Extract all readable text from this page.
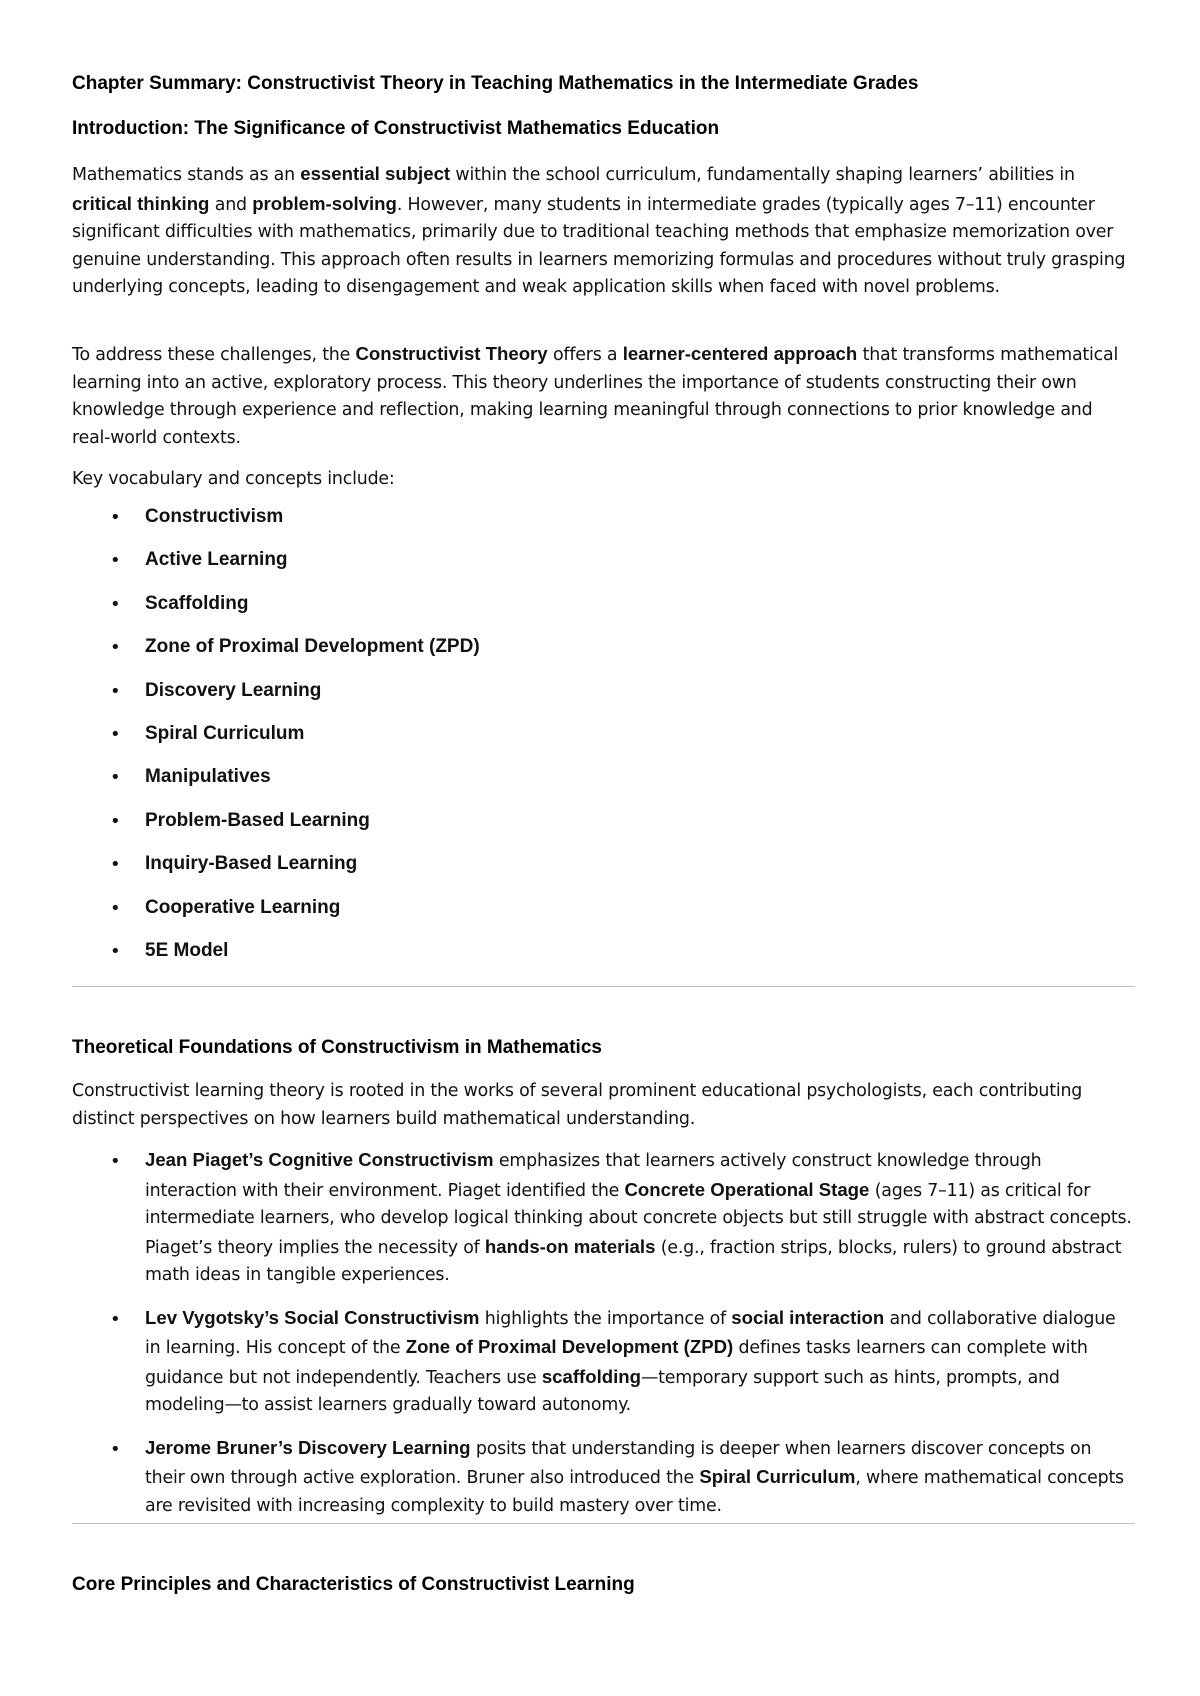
Chapter Summary: Constructivist Theory in Teaching Mathematics in the Intermediate Grades
Introduction: The Significance of Constructivist Mathematics Education

Mathematics stands as an essential subject within the school curriculum, fundamentally shaping learners’ abilities in critical thinking and problem-solving. However, many students in intermediate grades (typically ages 7–11) encounter significant difficulties with mathematics, primarily due to traditional teaching methods that emphasize memorization over genuine understanding. This approach often results in learners memorizing formulas and procedures without truly grasping underlying concepts, leading to disengagement and weak application skills when faced with novel problems.

To address these challenges, the Constructivist Theory offers a learner-centered approach that transforms mathematical learning into an active, exploratory process. This theory underlines the importance of students constructing their own knowledge through experience and reflection, making learning meaningful through connections to prior knowledge and real-world contexts.

Key vocabulary and concepts include:

• Constructivism
• Active Learning
• Scaffolding
• Zone of Proximal Development (ZPD)
• Discovery Learning
• Spiral Curriculum
• Manipulatives
• Problem-Based Learning
• Inquiry-Based Learning
• Cooperative Learning
• 5E Model
Theoretical Foundations of Constructivism in Mathematics

Constructivist learning theory is rooted in the works of several prominent educational psychologists, each contributing distinct perspectives on how learners build mathematical understanding.

• Jean Piaget’s Cognitive Constructivism emphasizes that learners actively construct knowledge through interaction with their environment. Piaget identified the Concrete Operational Stage (ages 7–11) as critical for intermediate learners, who develop logical thinking about concrete objects but still struggle with abstract concepts. Piaget’s theory implies the necessity of hands-on materials (e.g., fraction strips, blocks, rulers) to ground abstract math ideas in tangible experiences.
• Lev Vygotsky’s Social Constructivism highlights the importance of social interaction and collaborative dialogue in learning. His concept of the Zone of Proximal Development (ZPD) defines tasks learners can complete with guidance but not independently. Teachers use scaffolding—temporary support such as hints, prompts, and modeling—to assist learners gradually toward autonomy.
• Jerome Bruner’s Discovery Learning posits that understanding is deeper when learners discover concepts on their own through active exploration. Bruner also introduced the Spiral Curriculum, where mathematical concepts are revisited with increasing complexity to build mastery over time.
Core Principles and Characteristics of Constructivist Learning
